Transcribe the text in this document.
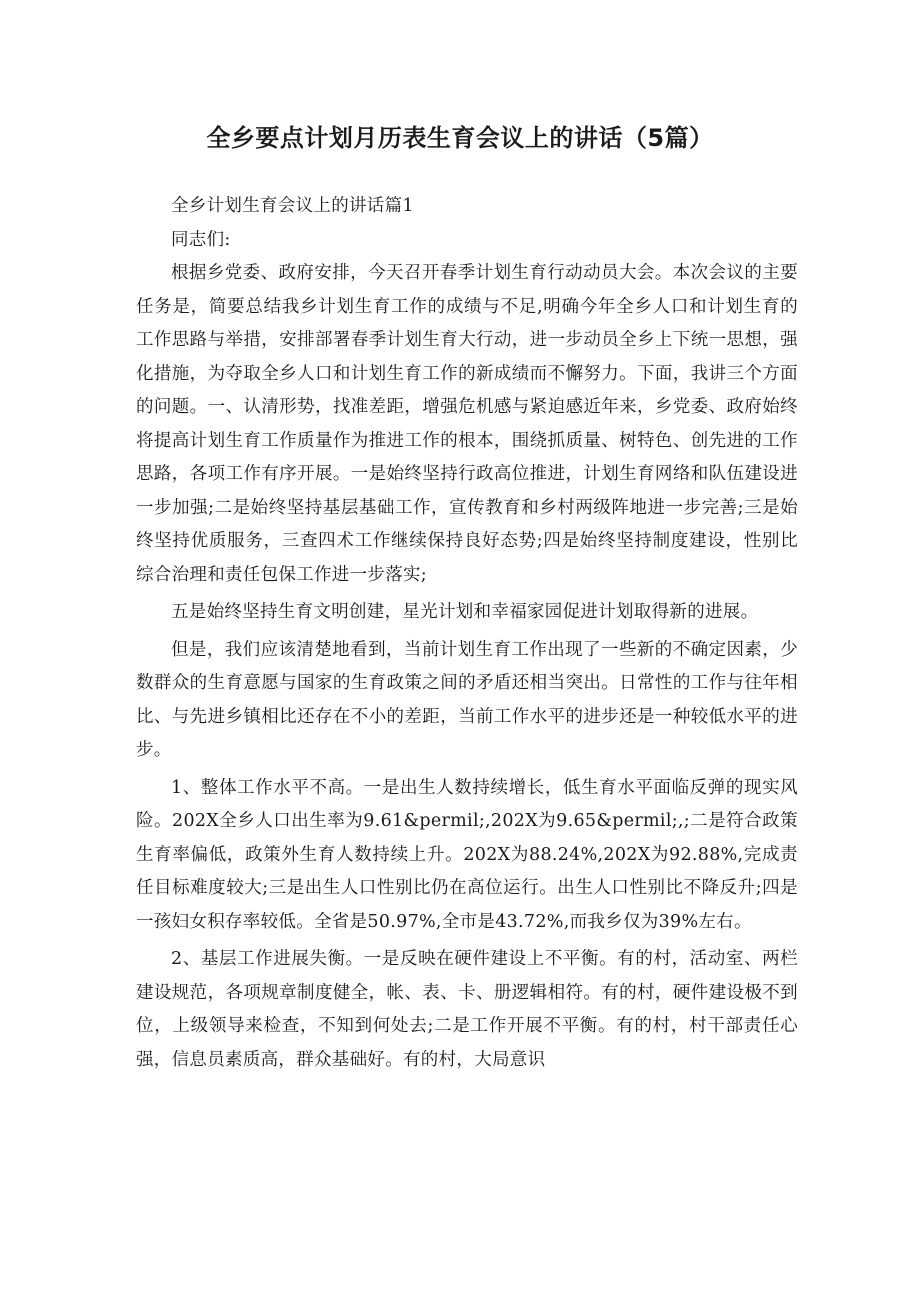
全乡要点计划月历表生育会议上的讲话（5篇）

全乡计划生育会议上的讲话篇1

同志们:

根据乡党委、政府安排，今天召开春季计划生育行动动员大会。本次会议的主要任务是，简要总结我乡计划生育工作的成绩与不足,明确今年全乡人口和计划生育的工作思路与举措，安排部署春季计划生育大行动，进一步动员全乡上下统一思想，强化措施，为夺取全乡人口和计划生育工作的新成绩而不懈努力。下面，我讲三个方面的问题。一、认清形势，找准差距，增强危机感与紧迫感近年来，乡党委、政府始终将提高计划生育工作质量作为推进工作的根本，围绕抓质量、树特色、创先进的工作思路，各项工作有序开展。一是始终坚持行政高位推进，计划生育网络和队伍建设进一步加强;二是始终坚持基层基础工作，宣传教育和乡村两级阵地进一步完善;三是始终坚持优质服务，三查四术工作继续保持良好态势;四是始终坚持制度建设，性别比综合治理和责任包保工作进一步落实;

五是始终坚持生育文明创建，星光计划和幸福家园促进计划取得新的进展。

但是，我们应该清楚地看到，当前计划生育工作出现了一些新的不确定因素，少数群众的生育意愿与国家的生育政策之间的矛盾还相当突出。日常性的工作与往年相比、与先进乡镇相比还存在不小的差距，当前工作水平的进步还是一种较低水平的进步。

1、整体工作水平不高。一是出生人数持续增长，低生育水平面临反弹的现实风险。202X全乡人口出生率为9.61&permil;,202X为9.65&permil;,;二是符合政策生育率偏低，政策外生育人数持续上升。202X为88.24%,202X为92.88%,完成责任目标难度较大;三是出生人口性别比仍在高位运行。出生人口性别比不降反升;四是一孩妇女积存率较低。全省是50.97%,全市是43.72%,而我乡仅为39%左右。

2、基层工作进展失衡。一是反映在硬件建设上不平衡。有的村，活动室、两栏建设规范，各项规章制度健全，帐、表、卡、册逻辑相符。有的村，硬件建设极不到位，上级领导来检查，不知到何处去;二是工作开展不平衡。有的村，村干部责任心强，信息员素质高，群众基础好。有的村，大局意识
